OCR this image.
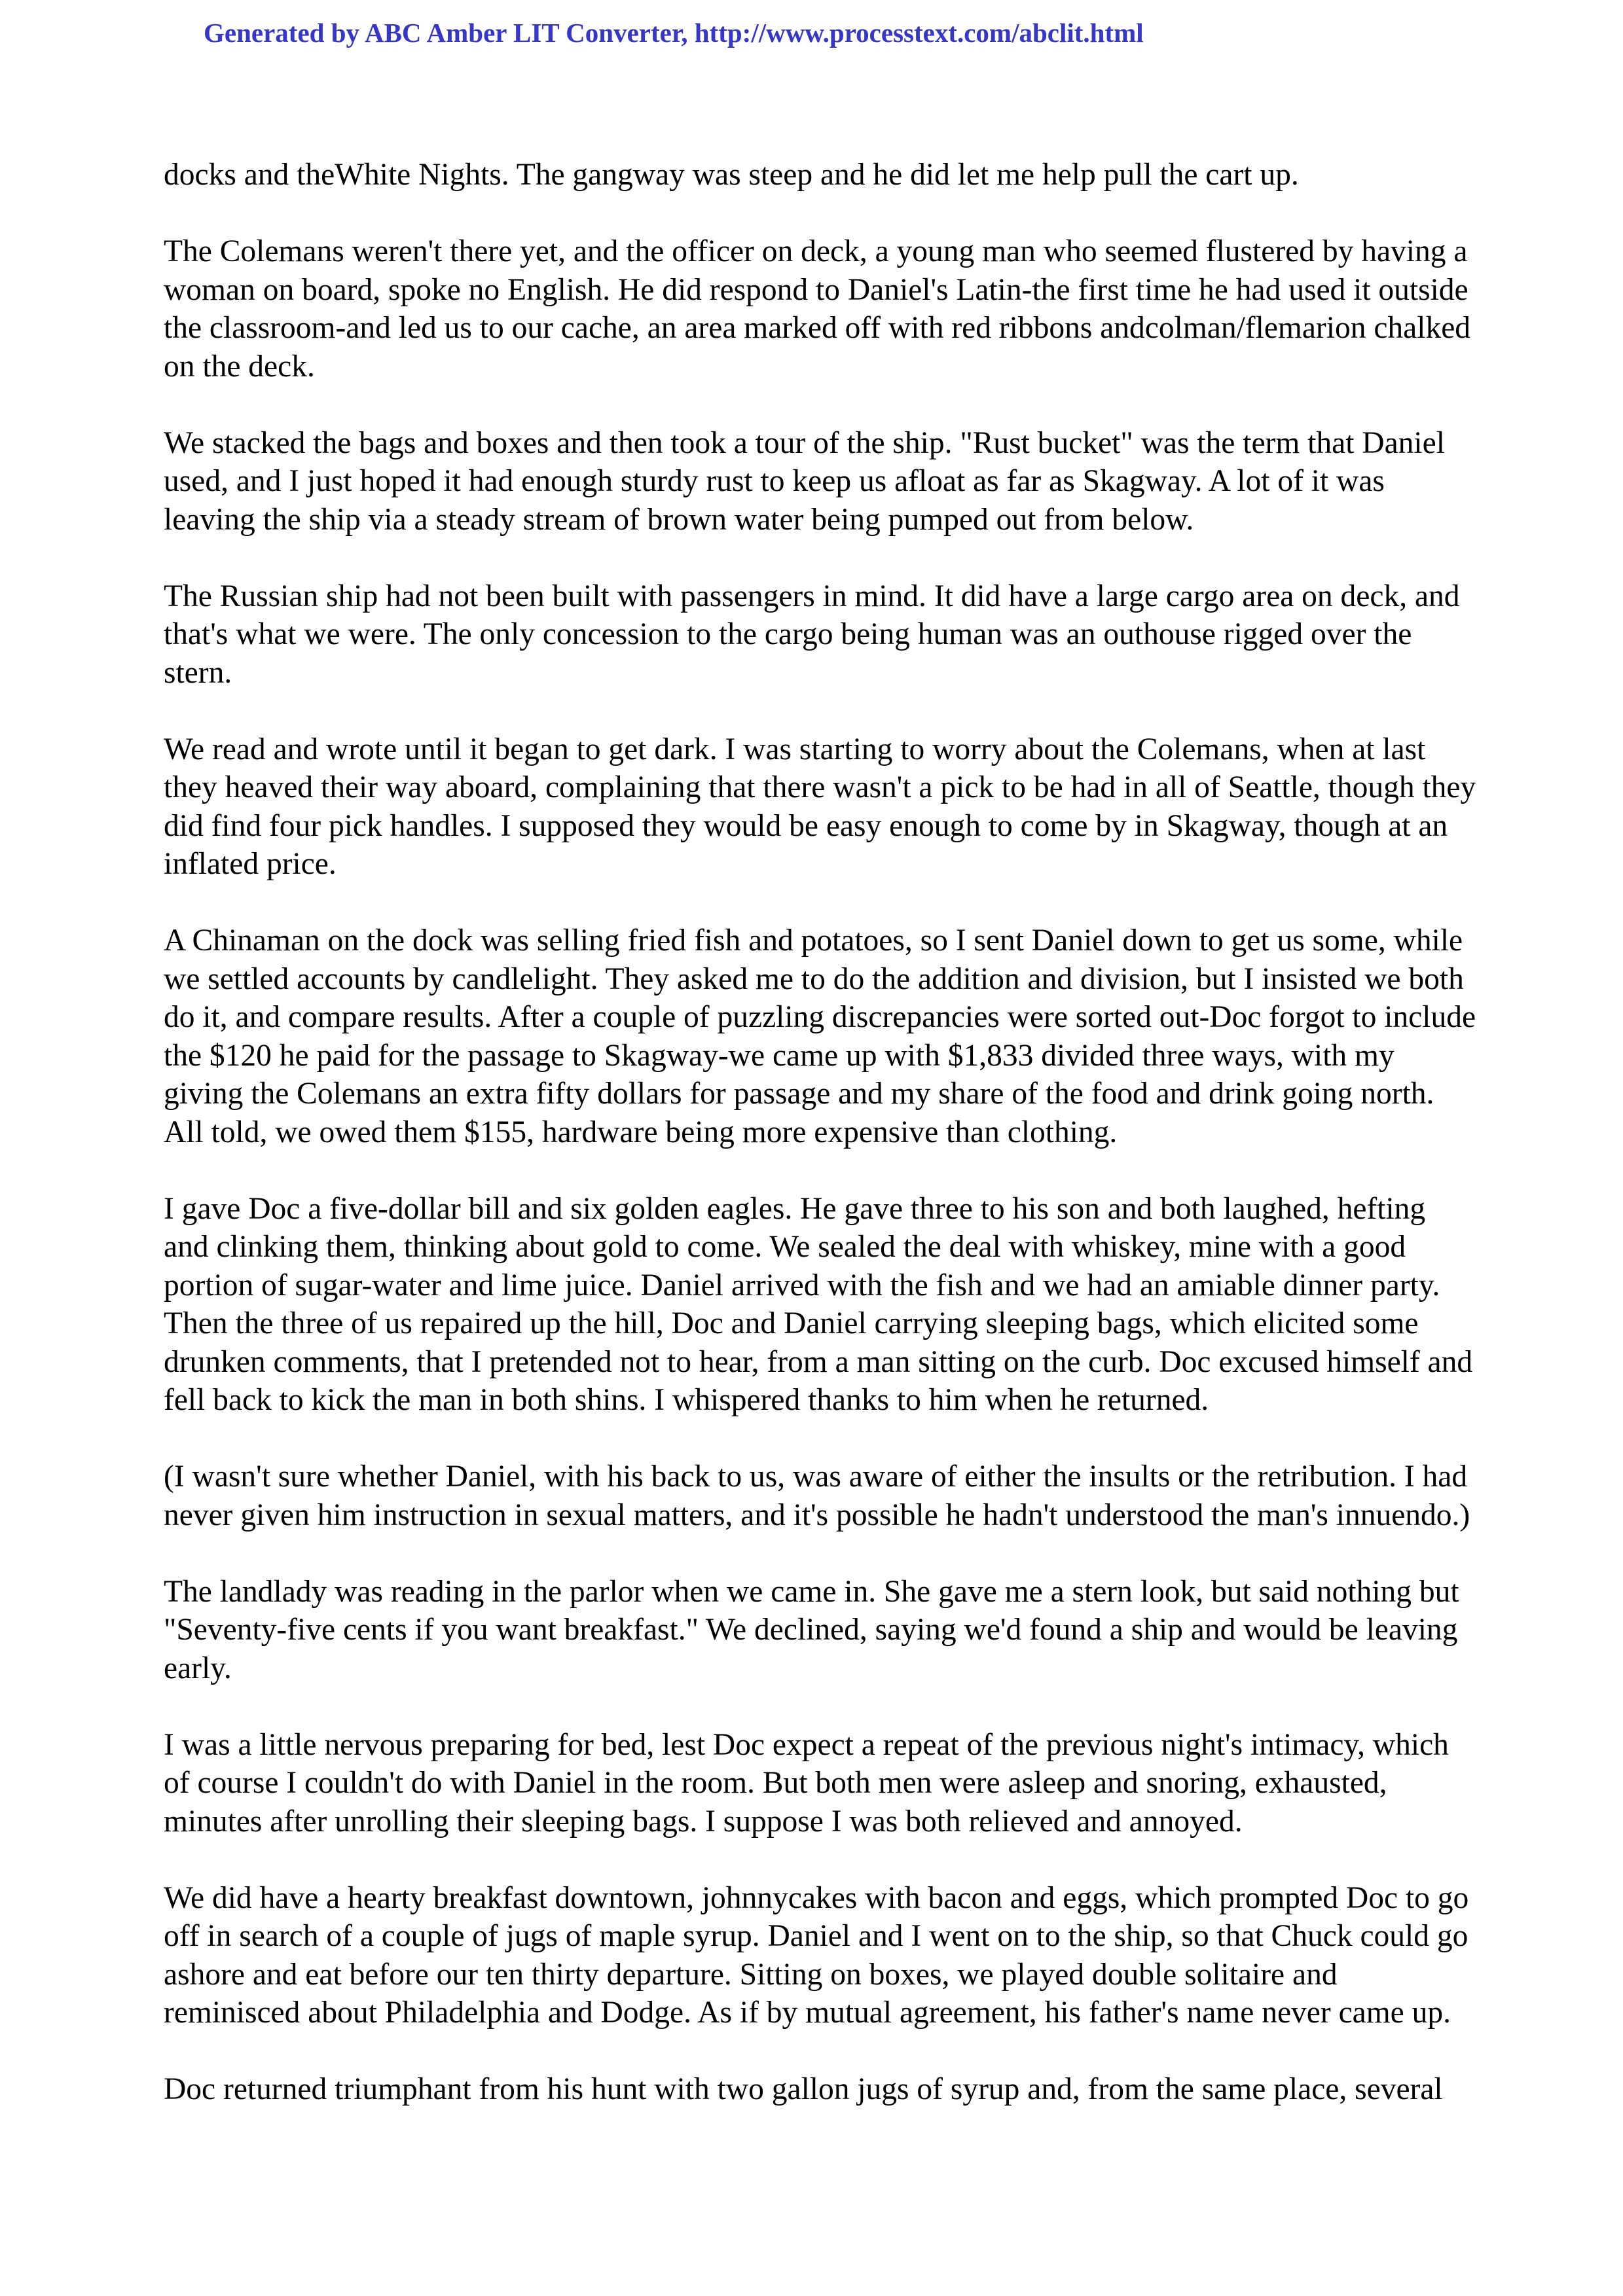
Generated by ABC Amber LIT Converter, http://www.processtext.com/abclit.html

docks and theWhite Nights. The gangway was steep and he did let me help pull the cart up.

The Colemans weren't there yet, and the officer on deck, a young man who seemed flustered by having a woman on board, spoke no English. He did respond to Daniel's Latin-the first time he had used it outside the classroom-and led us to our cache, an area marked off with red ribbons andcolman/flemarion chalked on the deck.

We stacked the bags and boxes and then took a tour of the ship. "Rust bucket" was the term that Daniel used, and I just hoped it had enough sturdy rust to keep us afloat as far as Skagway. A lot of it was leaving the ship via a steady stream of brown water being pumped out from below.

The Russian ship had not been built with passengers in mind. It did have a large cargo area on deck, and that's what we were. The only concession to the cargo being human was an outhouse rigged over the stern.

We read and wrote until it began to get dark. I was starting to worry about the Colemans, when at last they heaved their way aboard, complaining that there wasn't a pick to be had in all of Seattle, though they did find four pick handles. I supposed they would be easy enough to come by in Skagway, though at an inflated price.

A Chinaman on the dock was selling fried fish and potatoes, so I sent Daniel down to get us some, while we settled accounts by candlelight. They asked me to do the addition and division, but I insisted we both do it, and compare results. After a couple of puzzling discrepancies were sorted out-Doc forgot to include the $120 he paid for the passage to Skagway-we came up with $1,833 divided three ways, with my giving the Colemans an extra fifty dollars for passage and my share of the food and drink going north. All told, we owed them $155, hardware being more expensive than clothing.

I gave Doc a five-dollar bill and six golden eagles. He gave three to his son and both laughed, hefting and clinking them, thinking about gold to come. We sealed the deal with whiskey, mine with a good portion of sugar-water and lime juice. Daniel arrived with the fish and we had an amiable dinner party. Then the three of us repaired up the hill, Doc and Daniel carrying sleeping bags, which elicited some drunken comments, that I pretended not to hear, from a man sitting on the curb. Doc excused himself and fell back to kick the man in both shins. I whispered thanks to him when he returned.

(I wasn't sure whether Daniel, with his back to us, was aware of either the insults or the retribution. I had never given him instruction in sexual matters, and it's possible he hadn't understood the man's innuendo.)

The landlady was reading in the parlor when we came in. She gave me a stern look, but said nothing but "Seventy-five cents if you want breakfast." We declined, saying we'd found a ship and would be leaving early.

I was a little nervous preparing for bed, lest Doc expect a repeat of the previous night's intimacy, which of course I couldn't do with Daniel in the room. But both men were asleep and snoring, exhausted, minutes after unrolling their sleeping bags. I suppose I was both relieved and annoyed.

We did have a hearty breakfast downtown, johnnycakes with bacon and eggs, which prompted Doc to go off in search of a couple of jugs of maple syrup. Daniel and I went on to the ship, so that Chuck could go ashore and eat before our ten thirty departure. Sitting on boxes, we played double solitaire and reminisced about Philadelphia and Dodge. As if by mutual agreement, his father's name never came up.

Doc returned triumphant from his hunt with two gallon jugs of syrup and, from the same place, several
